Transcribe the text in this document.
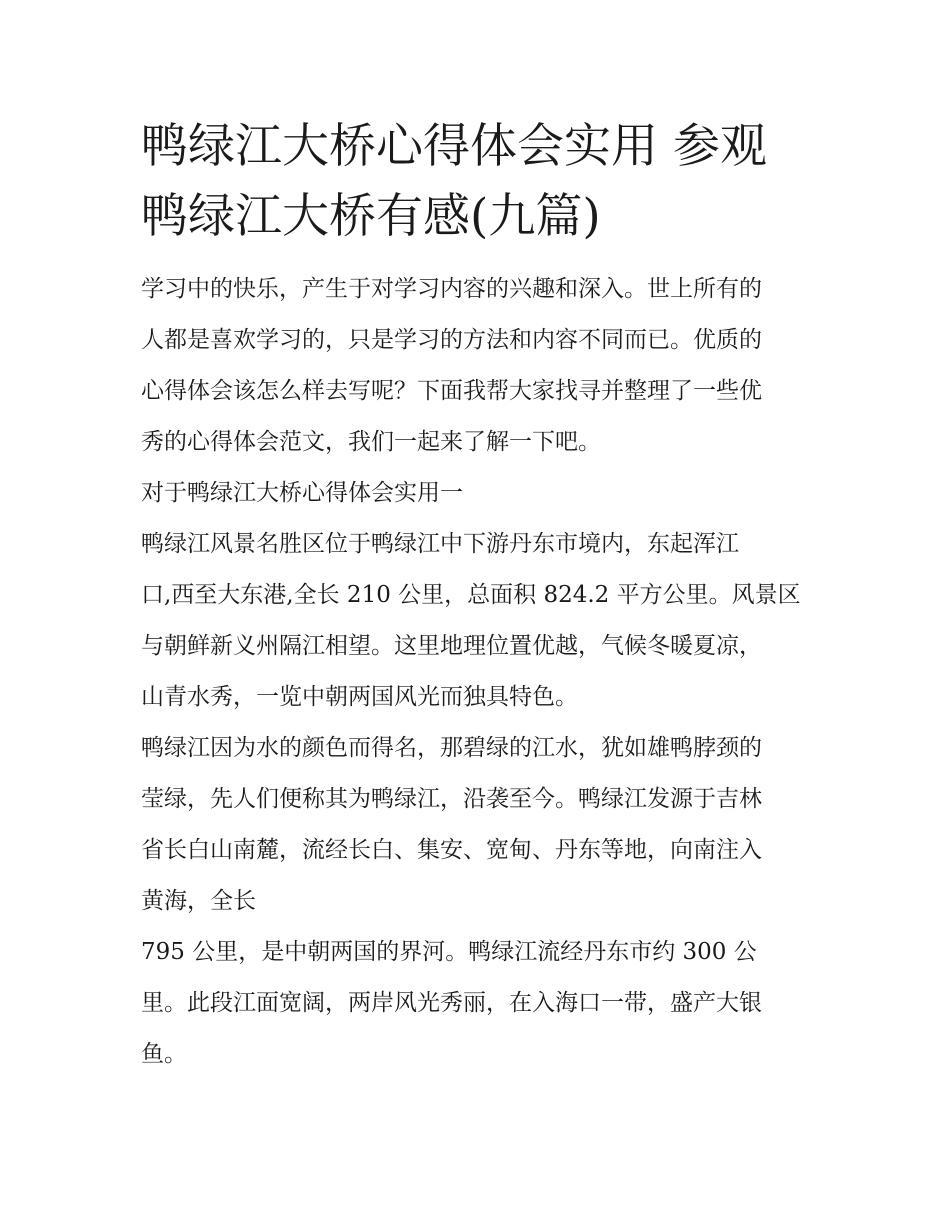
鸭绿江大桥心得体会实用 参观
鸭绿江大桥有感(九篇)

学习中的快乐，产生于对学习内容的兴趣和深入。世上所有的
人都是喜欢学习的，只是学习的方法和内容不同而已。优质的
心得体会该怎么样去写呢？下面我帮大家找寻并整理了一些优
秀的心得体会范文，我们一起来了解一下吧。

对于鸭绿江大桥心得体会实用一

鸭绿江风景名胜区位于鸭绿江中下游丹东市境内，东起浑江
口,西至大东港,全长 210 公里，总面积 824.2 平方公里。风景区
与朝鲜新义州隔江相望。这里地理位置优越，气候冬暖夏凉，
山青水秀，一览中朝两国风光而独具特色。

鸭绿江因为水的颜色而得名，那碧绿的江水，犹如雄鸭脖颈的
莹绿，先人们便称其为鸭绿江，沿袭至今。鸭绿江发源于吉林
省长白山南麓，流经长白、集安、宽甸、丹东等地，向南注入
黄海，全长

795 公里，是中朝两国的界河。鸭绿江流经丹东市约 300 公
里。此段江面宽阔，两岸风光秀丽，在入海口一带，盛产大银
鱼。
